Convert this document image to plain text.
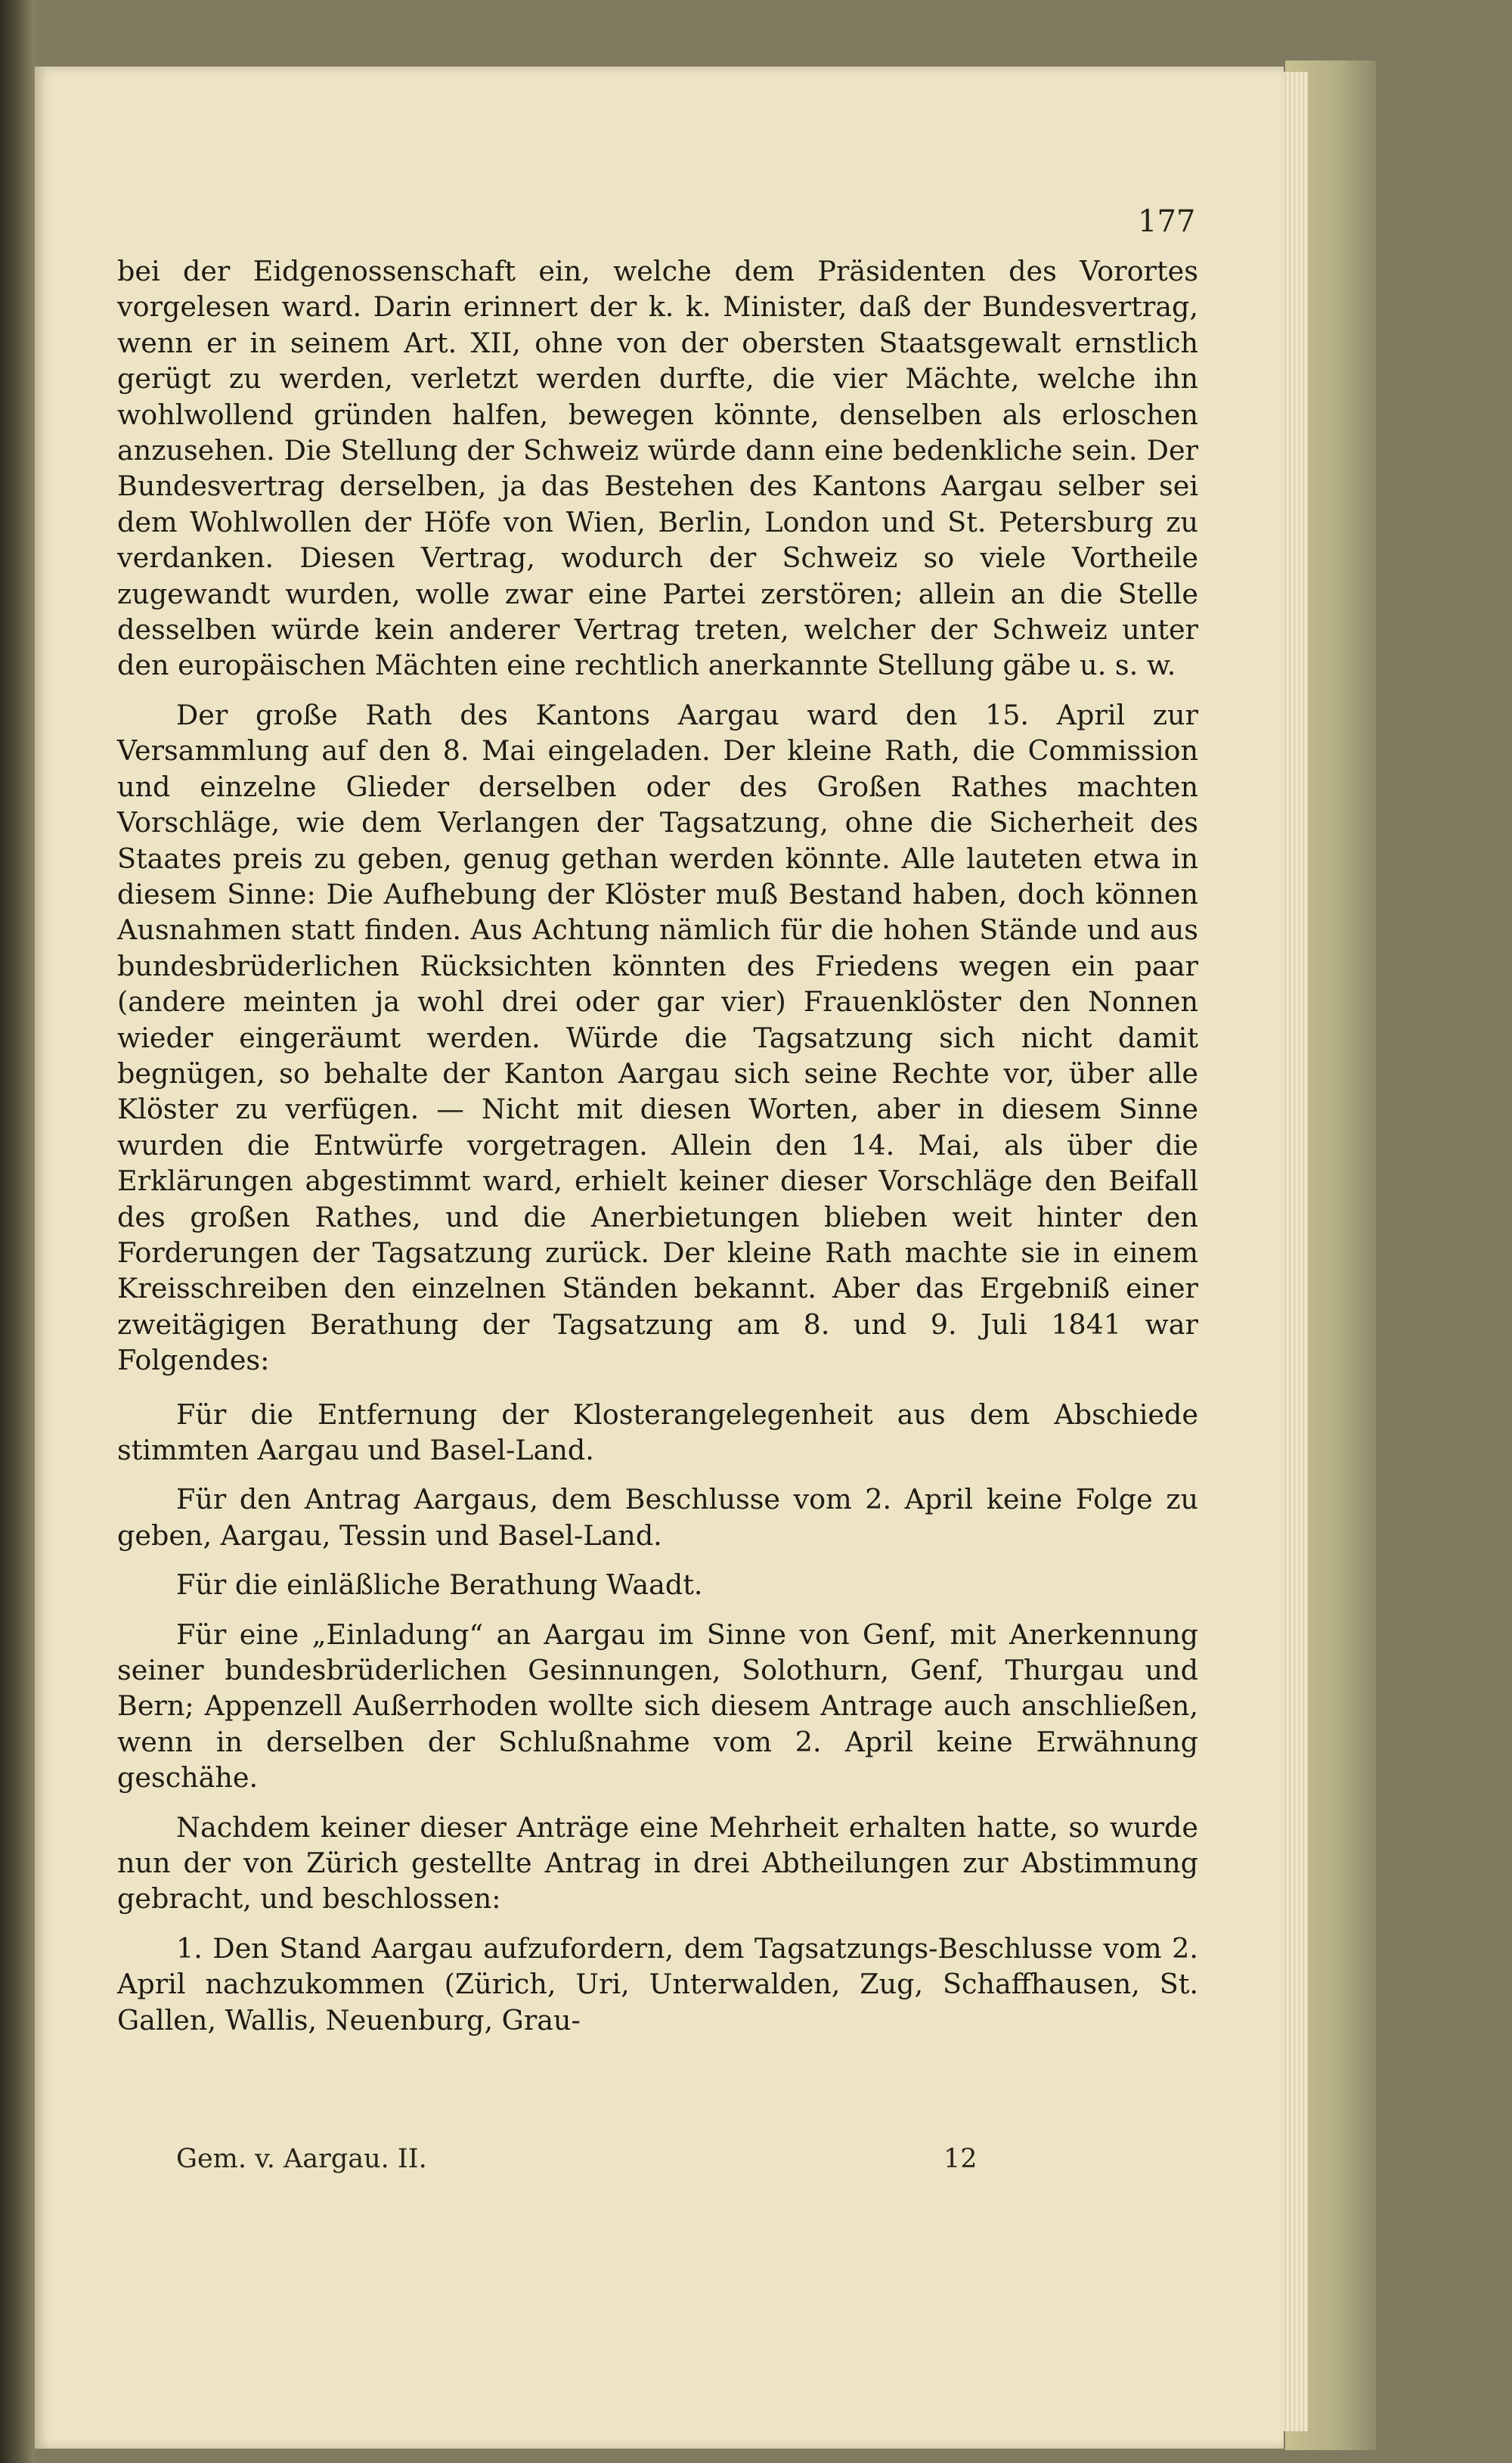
177

bei der Eidgenossenschaft ein, welche dem Präsidenten des Vorortes vorgelesen ward. Darin erinnert der k. k. Minister, daß der Bundesvertrag, wenn er in seinem Art. XII, ohne von der obersten Staatsgewalt ernstlich gerügt zu werden, verletzt werden durfte, die vier Mächte, welche ihn wohlwollend gründen halfen, bewegen könnte, denselben als erloschen anzusehen. Die Stellung der Schweiz würde dann eine bedenkliche sein. Der Bundesvertrag derselben, ja das Bestehen des Kantons Aargau selber sei dem Wohlwollen der Höfe von Wien, Berlin, London und St. Petersburg zu verdanken. Diesen Vertrag, wodurch der Schweiz so viele Vortheile zugewandt wurden, wolle zwar eine Partei zerstören; allein an die Stelle desselben würde kein anderer Vertrag treten, welcher der Schweiz unter den europäischen Mächten eine rechtlich anerkannte Stellung gäbe u. s. w.

Der große Rath des Kantons Aargau ward den 15. April zur Versammlung auf den 8. Mai eingeladen. Der kleine Rath, die Commission und einzelne Glieder derselben oder des Großen Rathes machten Vorschläge, wie dem Verlangen der Tagsatzung, ohne die Sicherheit des Staates preis zu geben, genug gethan werden könnte. Alle lauteten etwa in diesem Sinne: Die Aufhebung der Klöster muß Bestand haben, doch können Ausnahmen statt finden. Aus Achtung nämlich für die hohen Stände und aus bundesbrüderlichen Rücksichten könnten des Friedens wegen ein paar (andere meinten ja wohl drei oder gar vier) Frauenklöster den Nonnen wieder eingeräumt werden. Würde die Tagsatzung sich nicht damit begnügen, so behalte der Kanton Aargau sich seine Rechte vor, über alle Klöster zu verfügen. — Nicht mit diesen Worten, aber in diesem Sinne wurden die Entwürfe vorgetragen. Allein den 14. Mai, als über die Erklärungen abgestimmt ward, erhielt keiner dieser Vorschläge den Beifall des großen Rathes, und die Anerbietungen blieben weit hinter den Forderungen der Tagsatzung zurück. Der kleine Rath machte sie in einem Kreisschreiben den einzelnen Ständen bekannt. Aber das Ergebniß einer zweitägigen Berathung der Tagsatzung am 8. und 9. Juli 1841 war Folgendes:

Für die Entfernung der Klosterangelegenheit aus dem Abschiede stimmten Aargau und Basel-Land.

Für den Antrag Aargaus, dem Beschlusse vom 2. April keine Folge zu geben, Aargau, Tessin und Basel-Land.

Für die einläßliche Berathung Waadt.

Für eine „Einladung“ an Aargau im Sinne von Genf, mit Anerkennung seiner bundesbrüderlichen Gesinnungen, Solothurn, Genf, Thurgau und Bern; Appenzell Außerrhoden wollte sich diesem Antrage auch anschließen, wenn in derselben der Schlußnahme vom 2. April keine Erwähnung geschähe.

Nachdem keiner dieser Anträge eine Mehrheit erhalten hatte, so wurde nun der von Zürich gestellte Antrag in drei Abtheilungen zur Abstimmung gebracht, und beschlossen:

1. Den Stand Aargau aufzufordern, dem Tagsatzungs-Beschlusse vom 2. April nachzukommen (Zürich, Uri, Unterwalden, Zug, Schaffhausen, St. Gallen, Wallis, Neuenburg, Grau-

Gem. v. Aargau. II.	12
